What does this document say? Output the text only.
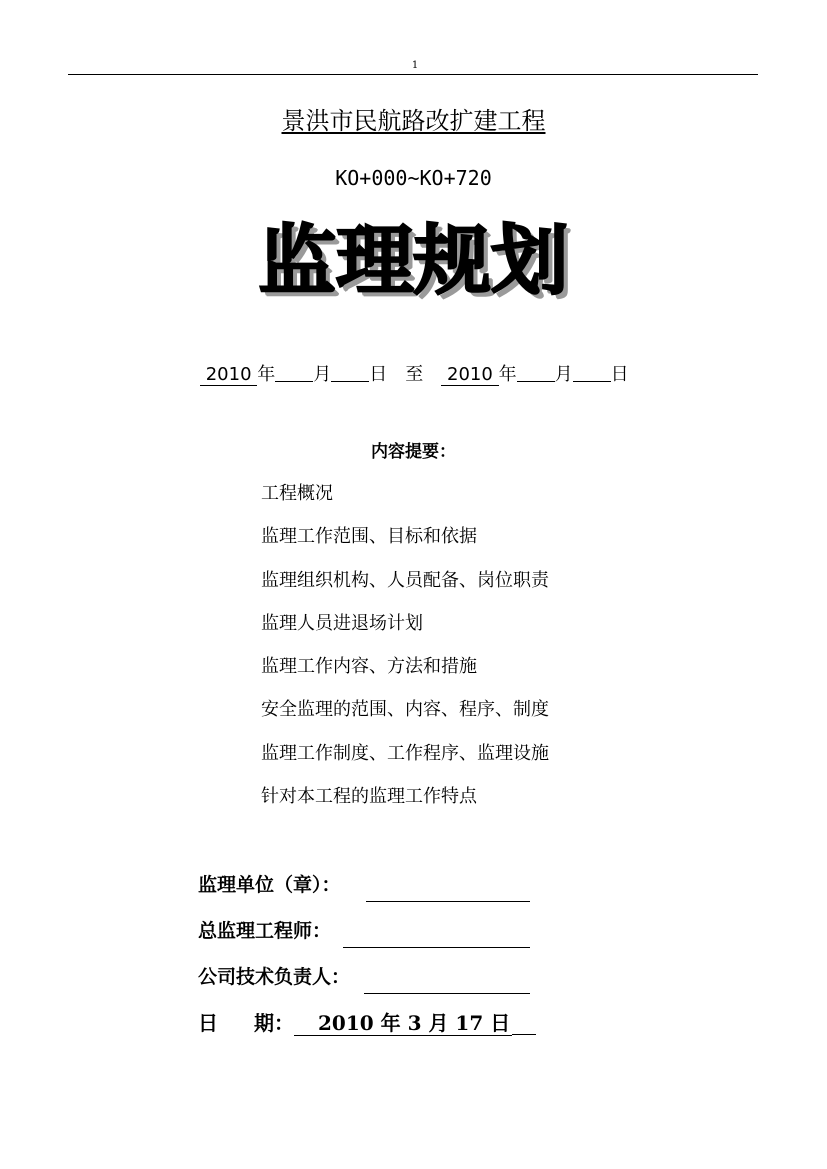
1
景洪市民航路改扩建工程
KO+000~KO+720
监理规划
2010 年 月 日 至 2010 年 月 日
内容提要：
工程概况
监理工作范围、目标和依据
监理组织机构、人员配备、岗位职责
监理人员进退场计划
监理工作内容、方法和措施
安全监理的范围、内容、程序、制度
监理工作制度、工作程序、监理设施
针对本工程的监理工作特点
监理单位（章）：
总监理工程师：
公司技术负责人：
日 期： 2010 年 3 月 17 日
